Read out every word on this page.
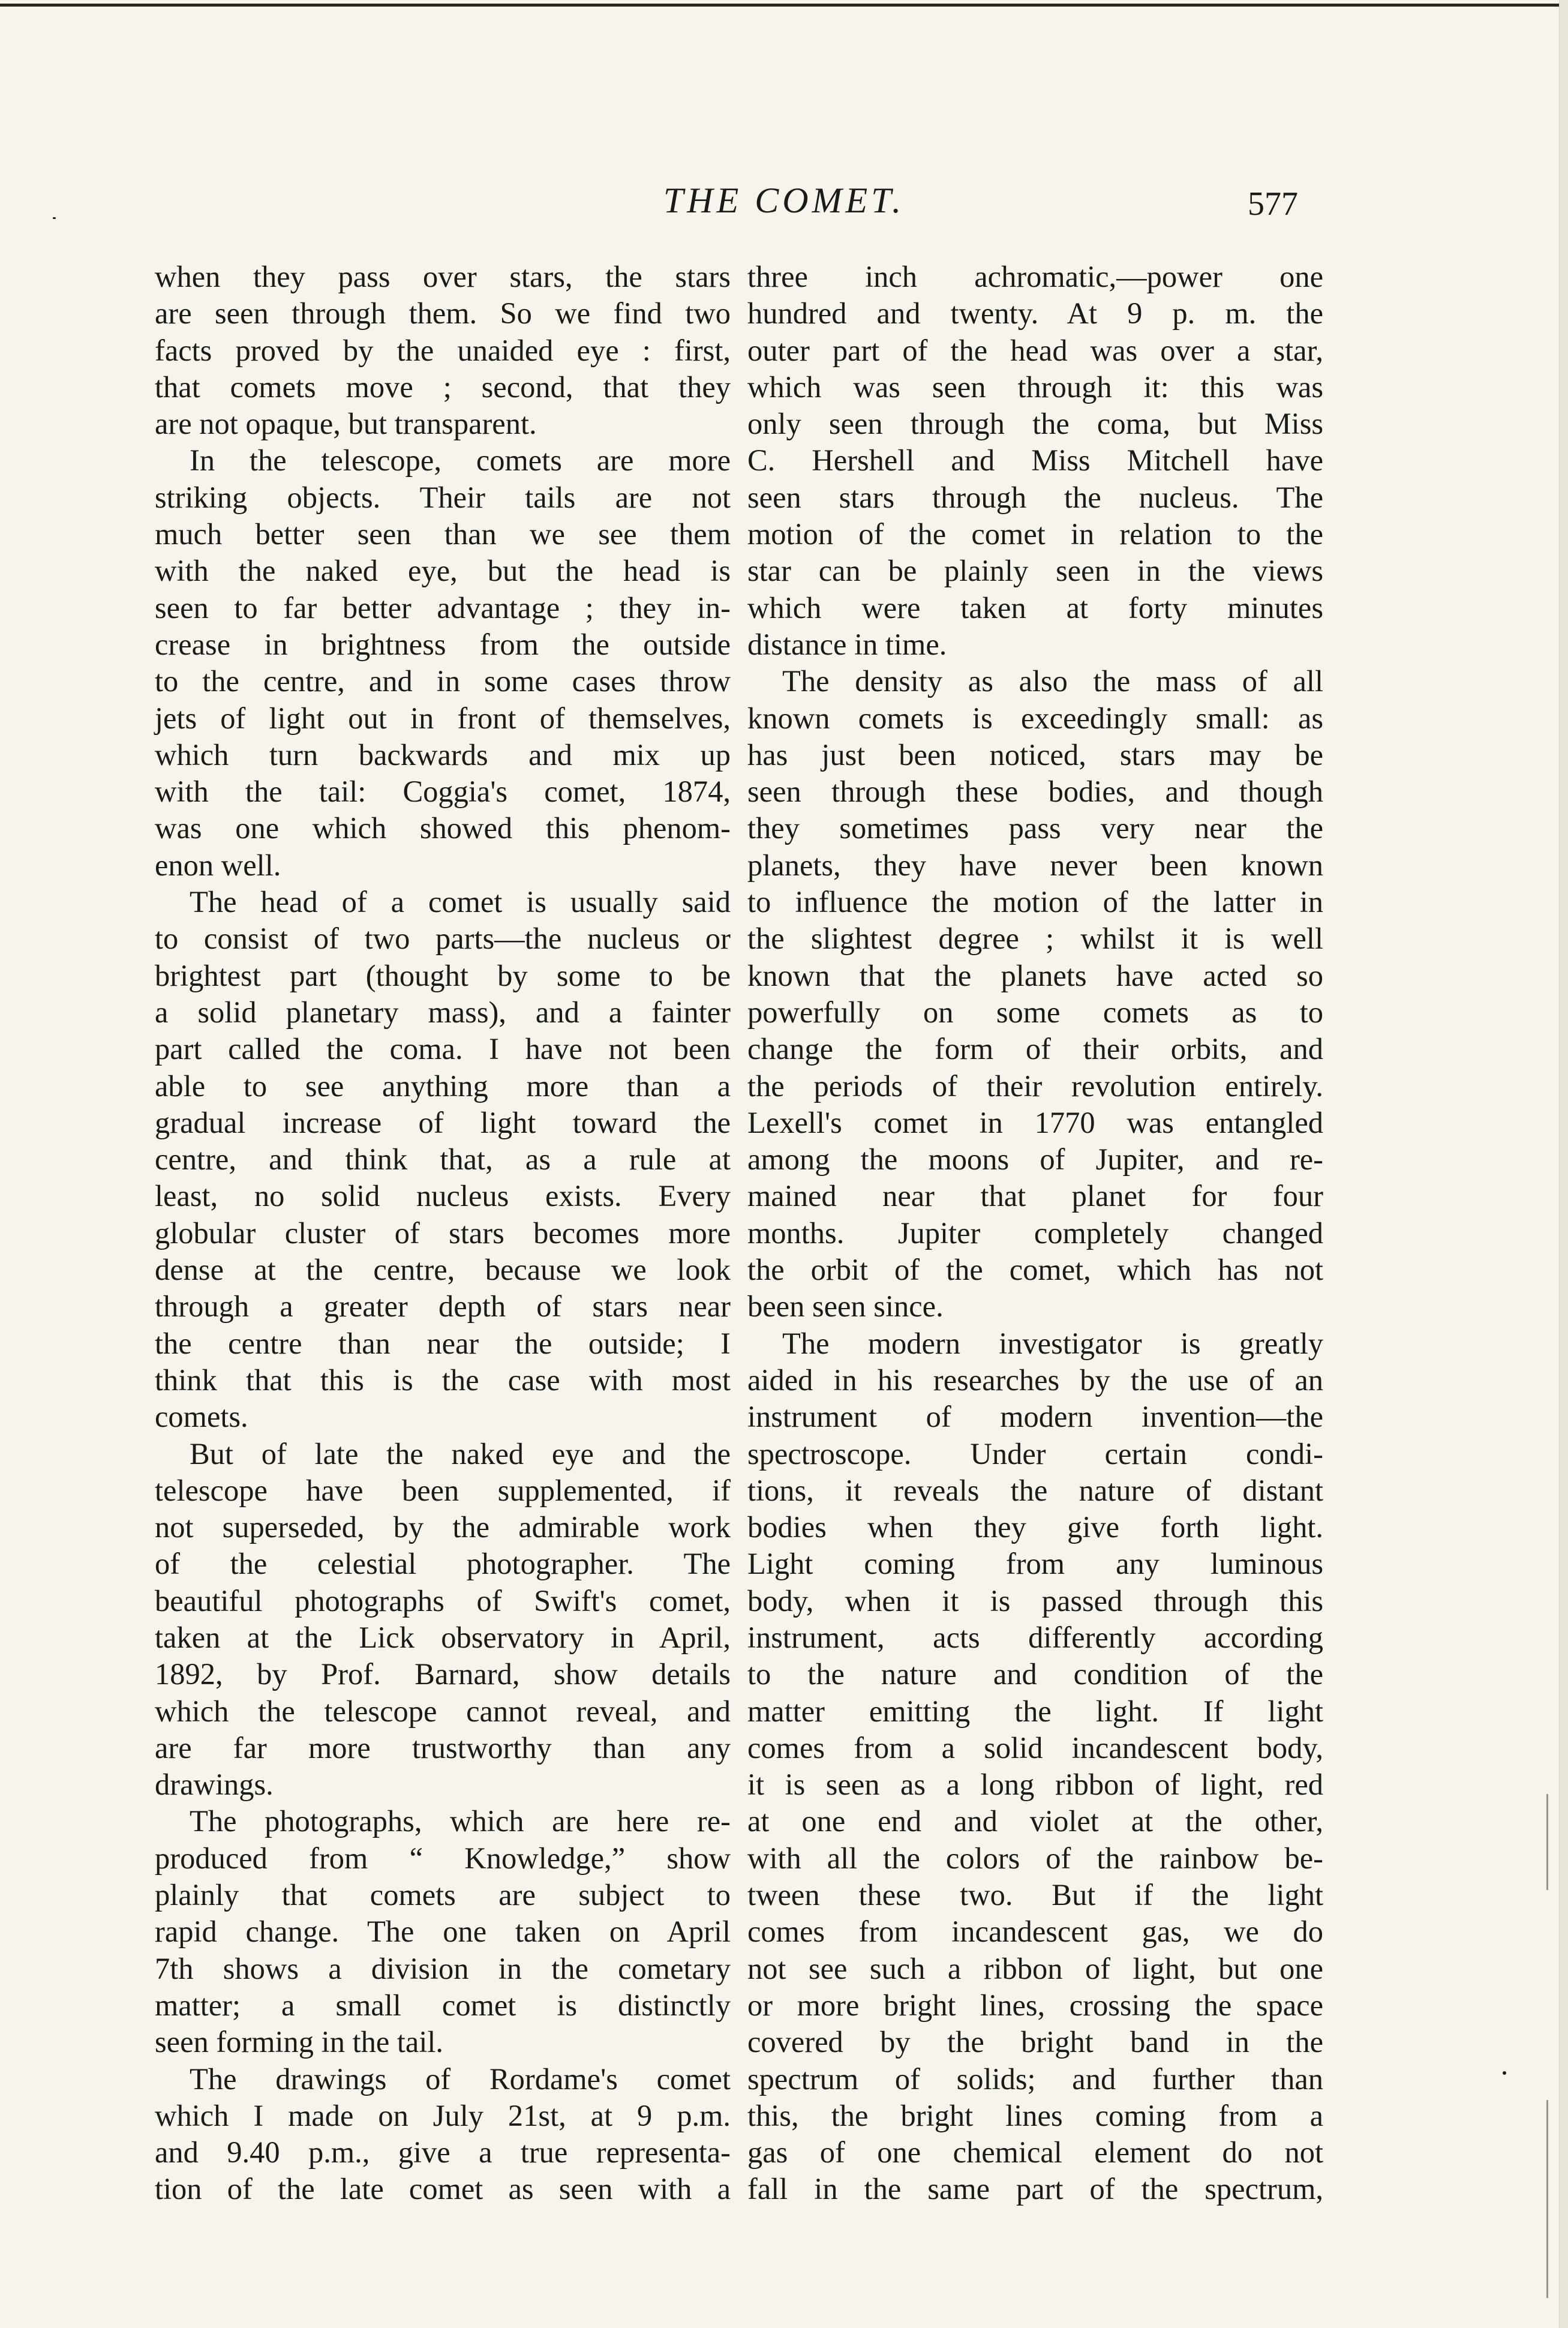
THE COMET.	577
when they pass over stars, the stars
are seen through them. So we find two
facts proved by the unaided eye : first,
that comets move ; second, that they
are not opaque, but transparent.
In the telescope, comets are more
striking objects. Their tails are not
much better seen than we see them
with the naked eye, but the head is
seen to far better advantage ; they in-
crease in brightness from the outside
to the centre, and in some cases throw
jets of light out in front of themselves,
which turn backwards and mix up
with the tail: Coggia's comet, 1874,
was one which showed this phenom-
enon well.
The head of a comet is usually said
to consist of two parts—the nucleus or
brightest part (thought by some to be
a solid planetary mass), and a fainter
part called the coma. I have not been
able to see anything more than a
gradual increase of light toward the
centre, and think that, as a rule at
least, no solid nucleus exists. Every
globular cluster of stars becomes more
dense at the centre, because we look
through a greater depth of stars near
the centre than near the outside; I
think that this is the case with most
comets.
But of late the naked eye and the
telescope have been supplemented, if
not superseded, by the admirable work
of the celestial photographer. The
beautiful photographs of Swift's comet,
taken at the Lick observatory in April,
1892, by Prof. Barnard, show details
which the telescope cannot reveal, and
are far more trustworthy than any
drawings.
The photographs, which are here re-
produced from “ Knowledge,” show
plainly that comets are subject to
rapid change. The one taken on April
7th shows a division in the cometary
matter; a small comet is distinctly
seen forming in the tail.
The drawings of Rordame's comet
which I made on July 21st, at 9 p.m.
and 9.40 p.m., give a true representa-
tion of the late comet as seen with a
three inch achromatic,—power one
hundred and twenty. At 9 p. m. the
outer part of the head was over a star,
which was seen through it: this was
only seen through the coma, but Miss
C. Hershell and Miss Mitchell have
seen stars through the nucleus. The
motion of the comet in relation to the
star can be plainly seen in the views
which were taken at forty minutes
distance in time.
The density as also the mass of all
known comets is exceedingly small: as
has just been noticed, stars may be
seen through these bodies, and though
they sometimes pass very near the
planets, they have never been known
to influence the motion of the latter in
the slightest degree ; whilst it is well
known that the planets have acted so
powerfully on some comets as to
change the form of their orbits, and
the periods of their revolution entirely.
Lexell's comet in 1770 was entangled
among the moons of Jupiter, and re-
mained near that planet for four
months. Jupiter completely changed
the orbit of the comet, which has not
been seen since.
The modern investigator is greatly
aided in his researches by the use of an
instrument of modern invention—the
spectroscope. Under certain condi-
tions, it reveals the nature of distant
bodies when they give forth light.
Light coming from any luminous
body, when it is passed through this
instrument, acts differently according
to the nature and condition of the
matter emitting the light. If light
comes from a solid incandescent body,
it is seen as a long ribbon of light, red
at one end and violet at the other,
with all the colors of the rainbow be-
tween these two. But if the light
comes from incandescent gas, we do
not see such a ribbon of light, but one
or more bright lines, crossing the space
covered by the bright band in the
spectrum of solids; and further than
this, the bright lines coming from a
gas of one chemical element do not
fall in the same part of the spectrum,
